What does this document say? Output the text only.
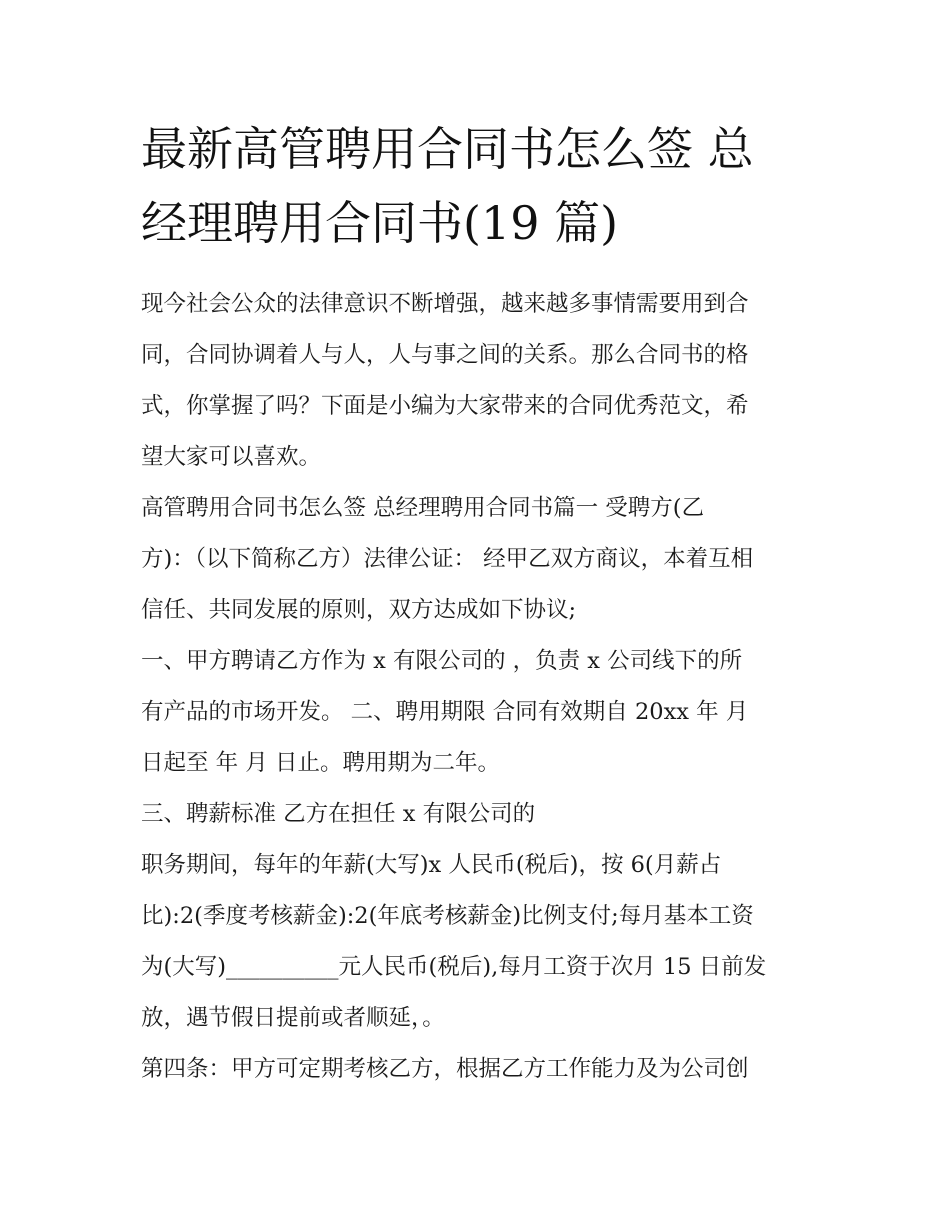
最新高管聘用合同书怎么签 总
经理聘用合同书(19 篇)
现今社会公众的法律意识不断增强，越来越多事情需要用到合
同，合同协调着人与人，人与事之间的关系。那么合同书的格
式，你掌握了吗？下面是小编为大家带来的合同优秀范文，希
望大家可以喜欢。
高管聘用合同书怎么签 总经理聘用合同书篇一 受聘方(乙
方)：（以下简称乙方）法律公证： 经甲乙双方商议，本着互相
信任、共同发展的原则，双方达成如下协议;
一、甲方聘请乙方作为 x 有限公司的 ，负责 x 公司线下的所
有产品的市场开发。 二、聘用期限 合同有效期自 20xx 年 月
日起至 年 月 日止。聘用期为二年。
三、聘薪标准 乙方在担任 x 有限公司的
职务期间，每年的年薪(大写)x 人民币(税后)，按 6(月薪占
比):2(季度考核薪金):2(年底考核薪金)比例支付;每月基本工资
为(大写)__________元人民币(税后),每月工资于次月 15 日前发
放，遇节假日提前或者顺延，。
第四条：甲方可定期考核乙方，根据乙方工作能力及为公司创
